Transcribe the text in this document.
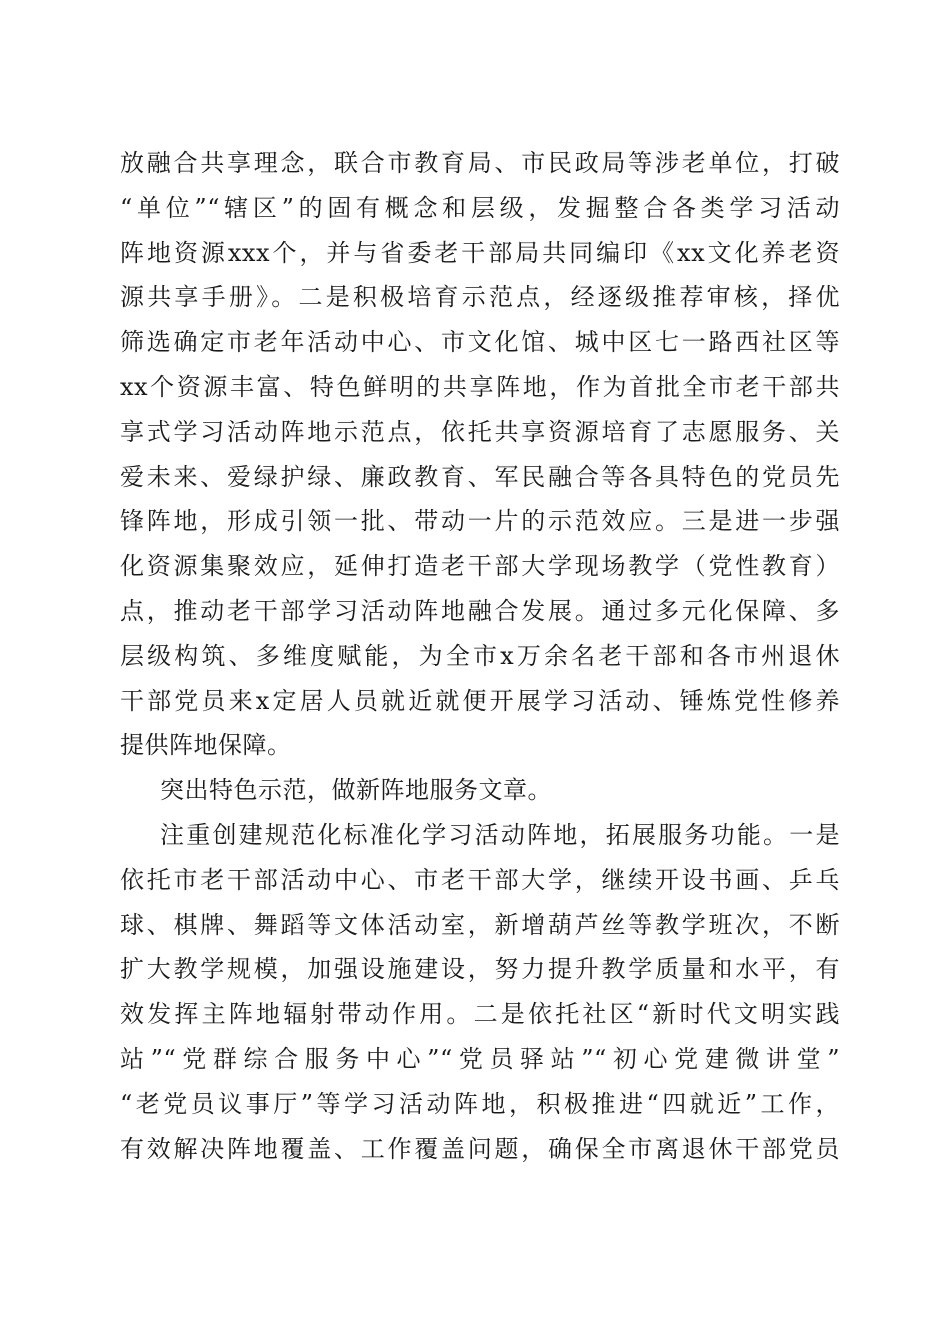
放融合共享理念，联合市教育局、市民政局等涉老单位，打破
“单位”“辖区”的固有概念和层级，发掘整合各类学习活动
阵地资源xxx个，并与省委老干部局共同编印《xx文化养老资
源共享手册》。二是积极培育示范点，经逐级推荐审核，择优
筛选确定市老年活动中心、市文化馆、城中区七一路西社区等
xx个资源丰富、特色鲜明的共享阵地，作为首批全市老干部共
享式学习活动阵地示范点，依托共享资源培育了志愿服务、关
爱未来、爱绿护绿、廉政教育、军民融合等各具特色的党员先
锋阵地，形成引领一批、带动一片的示范效应。三是进一步强
化资源集聚效应，延伸打造老干部大学现场教学（党性教育）
点，推动老干部学习活动阵地融合发展。通过多元化保障、多
层级构筑、多维度赋能，为全市x万余名老干部和各市州退休
干部党员来x定居人员就近就便开展学习活动、锤炼党性修养
提供阵地保障。
突出特色示范，做新阵地服务文章。
注重创建规范化标准化学习活动阵地，拓展服务功能。一是
依托市老干部活动中心、市老干部大学，继续开设书画、乒乓
球、棋牌、舞蹈等文体活动室，新增葫芦丝等教学班次，不断
扩大教学规模，加强设施建设，努力提升教学质量和水平，有
效发挥主阵地辐射带动作用。二是依托社区“新时代文明实践
站”“党群综合服务中心”“党员驿站”“初心党建微讲堂”
“老党员议事厅”等学习活动阵地，积极推进“四就近”工作，
有效解决阵地覆盖、工作覆盖问题，确保全市离退休干部党员
